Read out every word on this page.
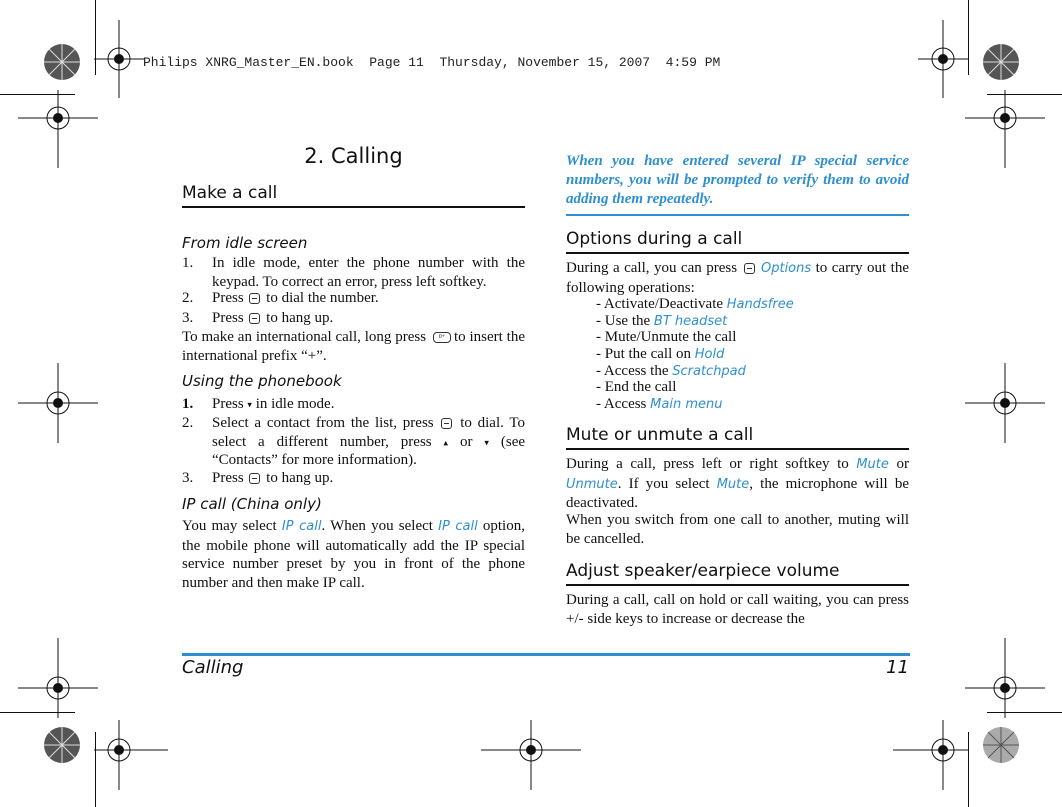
Philips XNRG_Master_EN.book  Page 11  Thursday, November 15, 2007  4:59 PM
2. Calling
Make a call
From idle screen
1. In idle mode, enter the phone number with the keypad. To correct an error, press left softkey.
2. Press to dial the number.
3. Press to hang up.
To make an international call, long press 0+ to insert the international prefix “+”.
Using the phonebook
1. Press ▾ in idle mode.
2. Select a contact from the list, press to dial. To select a different number, press ▴ or ▾ (see “Contacts” for more information).
3. Press to hang up.
IP call (China only)
You may select IP call. When you select IP call option, the mobile phone will automatically add the IP special service number preset by you in front of the phone number and then make IP call.
When you have entered several IP special service numbers, you will be prompted to verify them to avoid adding them repeatedly.
Options during a call
During a call, you can press Options to carry out the following operations:
- Activate/Deactivate Handsfree
- Use the BT headset
- Mute/Unmute the call
- Put the call on Hold
- Access the Scratchpad
- End the call
- Access Main menu
Mute or unmute a call
During a call, press left or right softkey to Mute or Unmute. If you select Mute, the microphone will be deactivated.
When you switch from one call to another, muting will be cancelled.
Adjust speaker/earpiece volume
During a call, call on hold or call waiting, you can press +/- side keys to increase or decrease the
Calling	11
